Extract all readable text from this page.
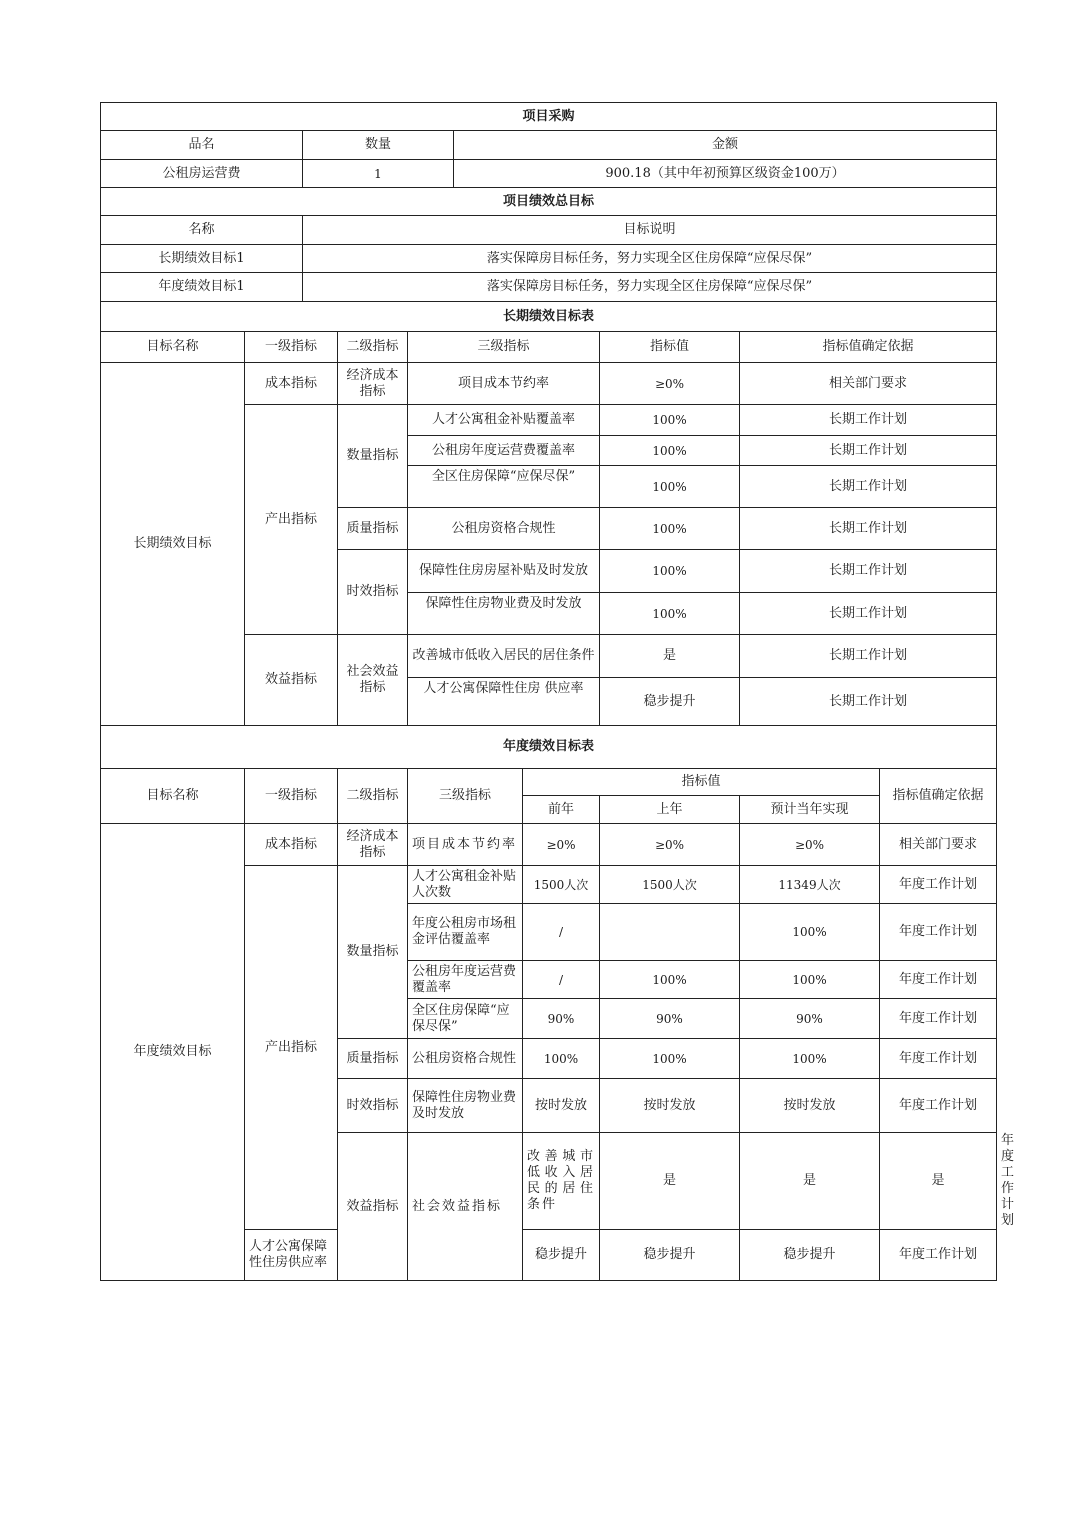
项目采购		
品名	数量	金额
公租房运营费	1	900.18（其中年初预算区级资金100万）
项目绩效总目标		
名称	目标说明	
长期绩效目标1	落实保障房目标任务，努力实现全区住房保障“应保尽保”	
年度绩效目标1	落实保障房目标任务，努力实现全区住房保障“应保尽保”	
长期绩效目标表					
目标名称	一级指标	二级指标	三级指标	指标值	指标值确定依据
长期绩效目标	成本指标	经济成本指标	项目成本节约率	≥0%	相关部门要求
	产出指标	数量指标	人才公寓租金补贴覆盖率	100%	长期工作计划
			公租房年度运营费覆盖率	100%	长期工作计划
			全区住房保障“应保尽保”	100%	长期工作计划
		质量指标	公租房资格合规性	100%	长期工作计划
		时效指标	保障性住房房屋补贴及时发放	100%	长期工作计划
			保障性住房物业费及时发放	100%	长期工作计划
	效益指标	社会效益指标	改善城市低收入居民的居住条件	是	长期工作计划
			人才公寓保障性住房 供应率	稳步提升	长期工作计划
年度绩效目标表								
目标名称	一级指标	二级指标	三级指标	指标值			指标值确定依据	
				前年	上年	预计当年实现		
年度绩效目标	成本指标	经济成本指标	项目成本节约率	≥0%	≥0%	≥0%	相关部门要求	
	产出指标	数量指标	人才公寓租金补贴人次数	1500人次	1500人次	11349人次	年度工作计划	
			年度公租房市场租金评估覆盖率	/		100%	年度工作计划	
			公租房年度运营费覆盖率	/	100%	100%	年度工作计划	
			全区住房保障“应保尽保”	90%	90%	90%	年度工作计划	
		质量指标	公租房资格合规性	100%	100%	100%	年度工作计划	
		时效指标	保障性住房物业费及时发放	按时发放	按时发放	按时发放	年度工作计划	
		效益指标	社会效益指标	改善城市低收入居民的居住条件	是	是	是	年度工作计划
	人才公寓保障性住房供应率			稳步提升	稳步提升	稳步提升	年度工作计划	
